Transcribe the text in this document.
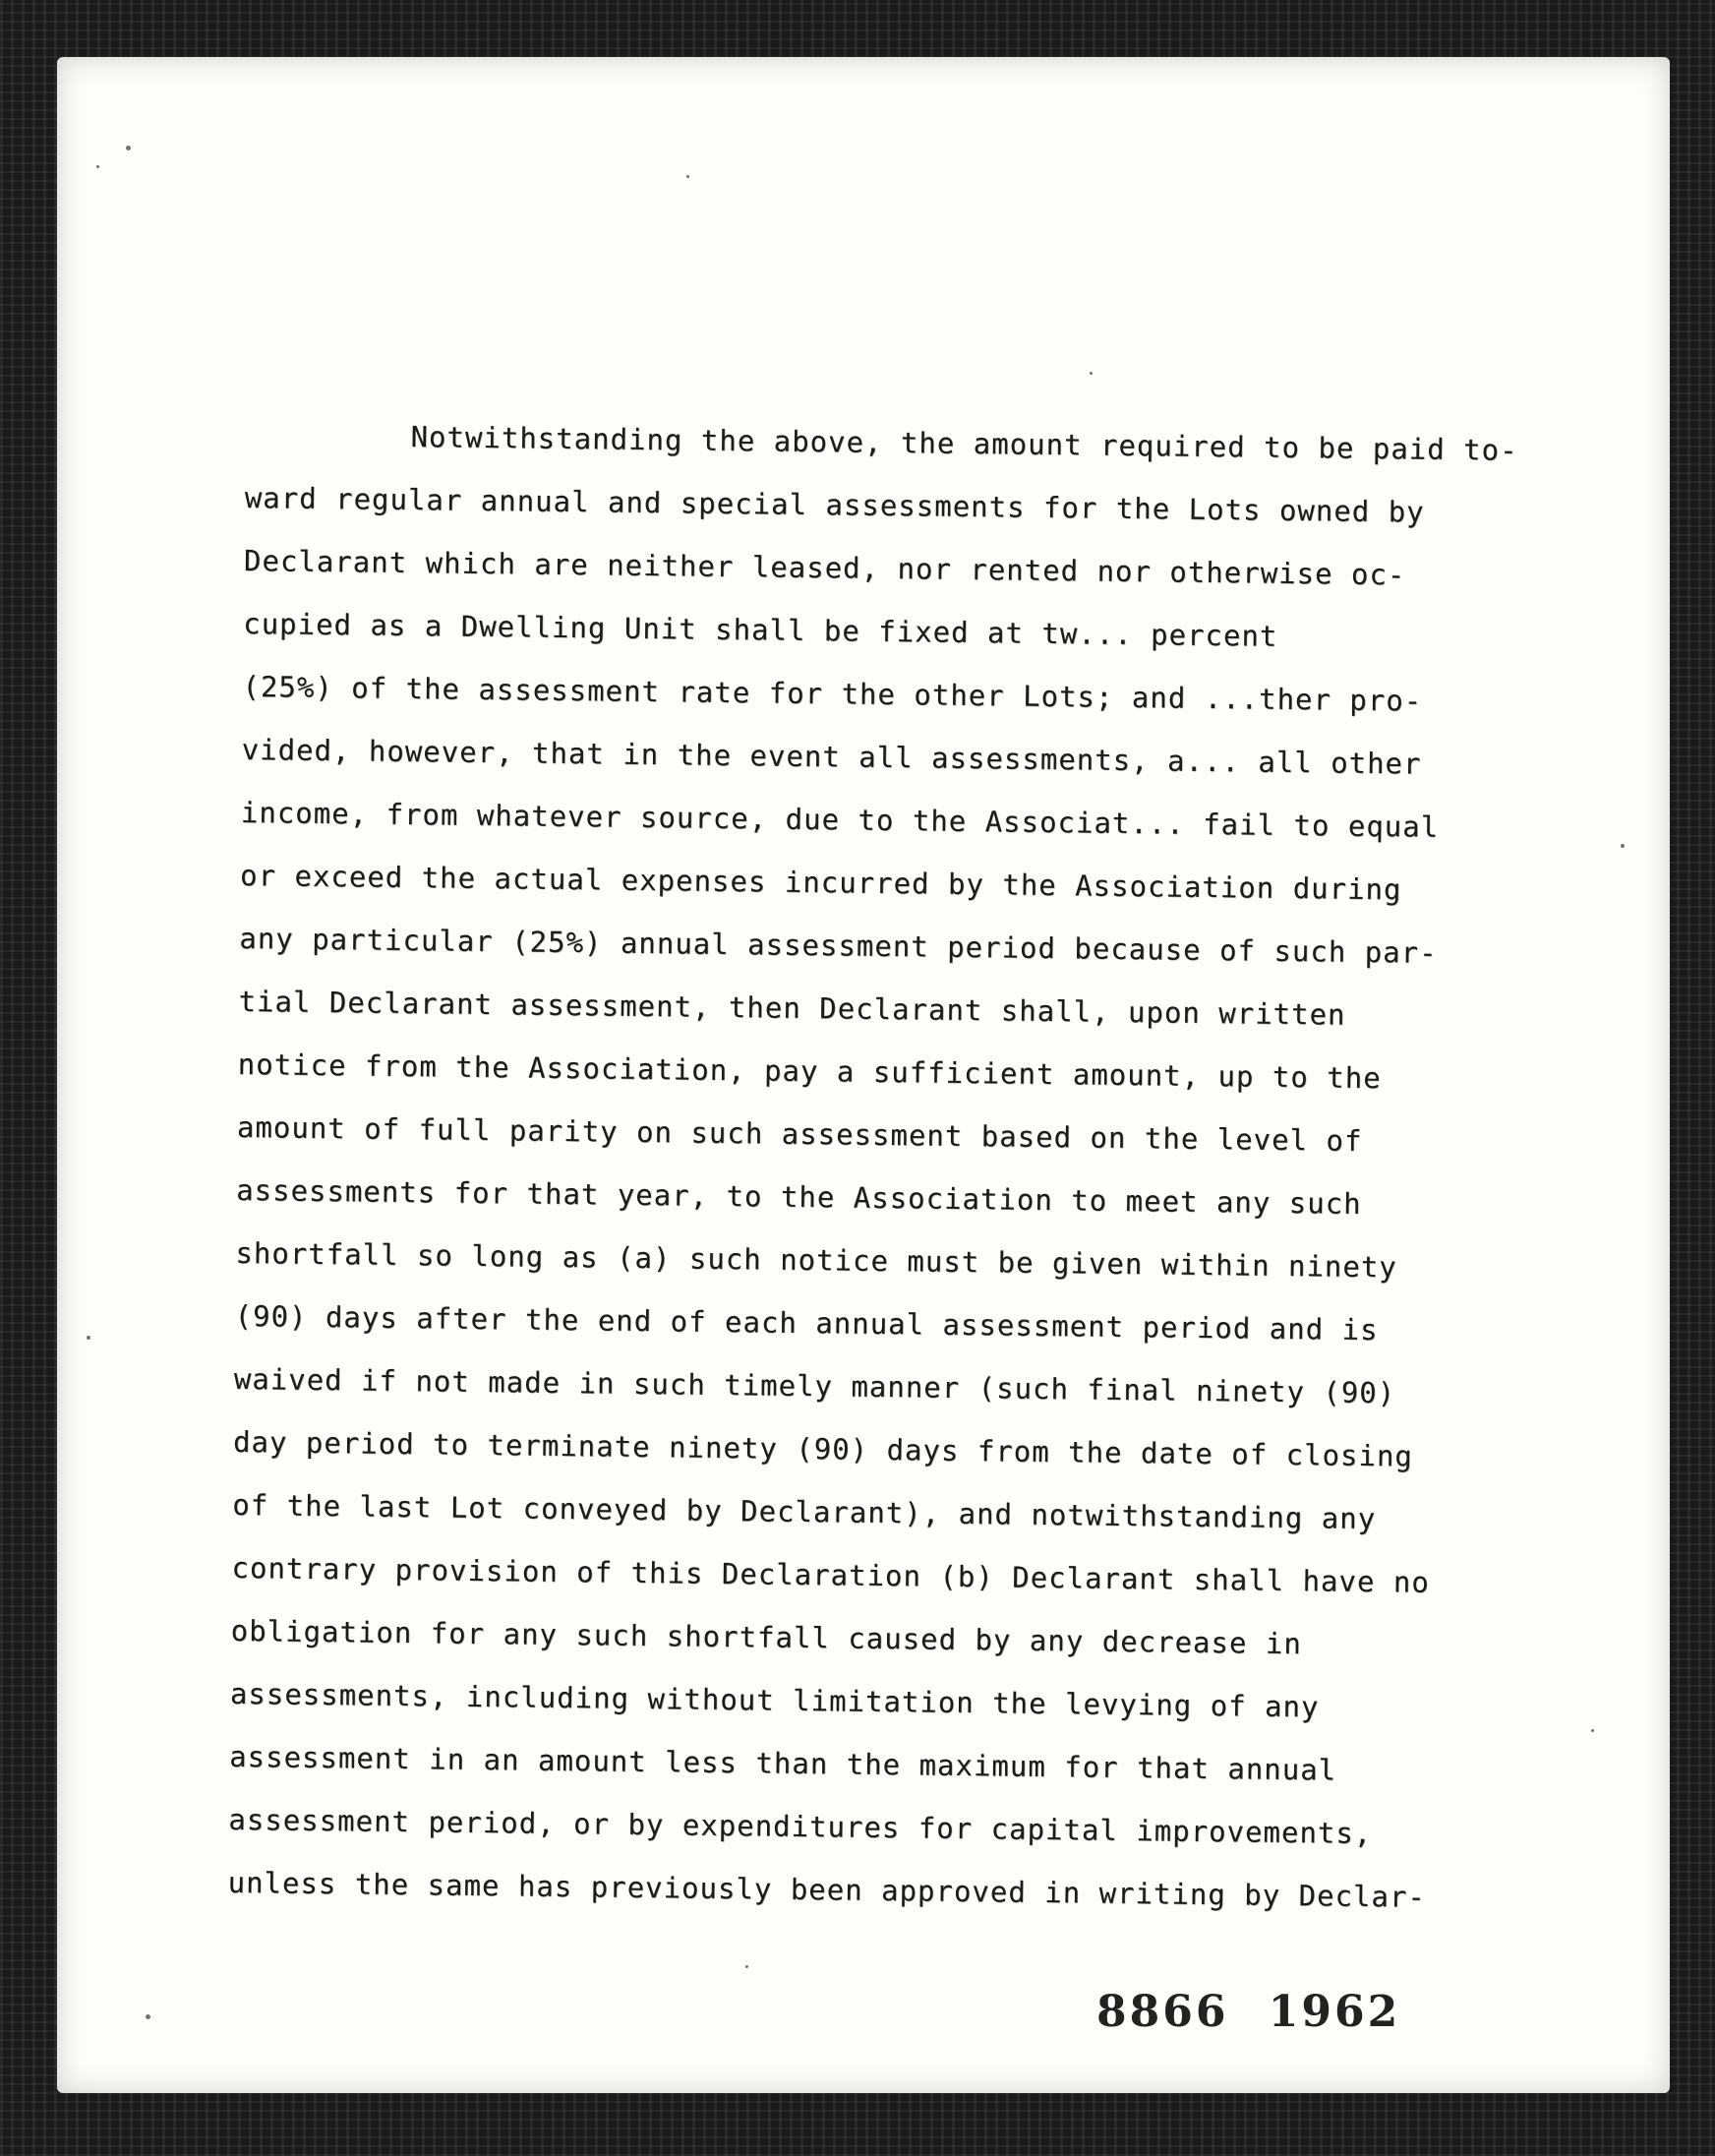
Notwithstanding the above, the amount required to be paid to-
ward regular annual and special assessments for the Lots owned by
Declarant which are neither leased, nor rented nor otherwise oc-
cupied as a Dwelling Unit shall be fixed at tw... percent
(25%) of the assessment rate for the other Lots; and ...ther pro-
vided, however, that in the event all assessments, a... all other
income, from whatever source, due to the Associat... fail to equal
or exceed the actual expenses incurred by the Association during
any particular (25%) annual assessment period because of such par-
tial Declarant assessment, then Declarant shall, upon written
notice from the Association, pay a sufficient amount, up to the
amount of full parity on such assessment based on the level of
assessments for that year, to the Association to meet any such
shortfall so long as (a) such notice must be given within ninety
(90) days after the end of each annual assessment period and is
waived if not made in such timely manner (such final ninety (90)
day period to terminate ninety (90) days from the date of closing
of the last Lot conveyed by Declarant), and notwithstanding any
contrary provision of this Declaration (b) Declarant shall have no
obligation for any such shortfall caused by any decrease in
assessments, including without limitation the levying of any
assessment in an amount less than the maximum for that annual
assessment period, or by expenditures for capital improvements,
unless the same has previously been approved in writing by Declar-
8866 1962
